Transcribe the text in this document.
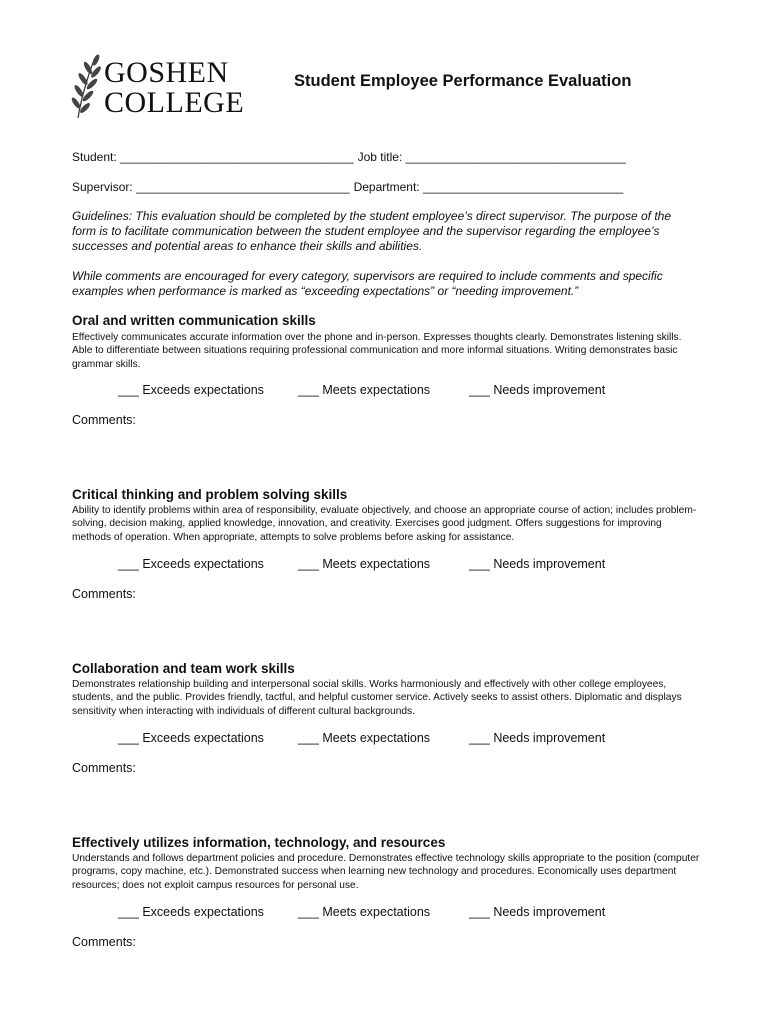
GOSHEN
COLLEGE
Student Employee Performance Evaluation
Student: ___________________________________ Job title: _________________________________
Supervisor: ________________________________ Department: ______________________________
Guidelines: This evaluation should be completed by the student employee’s direct supervisor. The purpose of the form is to facilitate communication between the student employee and the supervisor regarding the employee’s successes and potential areas to enhance their skills and abilities.
While comments are encouraged for every category, supervisors are required to include comments and specific examples when performance is marked as “exceeding expectations” or “needing improvement.”
Oral and written communication skills
Effectively communicates accurate information over the phone and in-person. Expresses thoughts clearly. Demonstrates listening skills. Able to differentiate between situations requiring professional communication and more informal situations. Writing demonstrates basic grammar skills.
___ Exceeds expectations	___ Meets expectations	___ Needs improvement
Comments:
Critical thinking and problem solving skills
Ability to identify problems within area of responsibility, evaluate objectively, and choose an appropriate course of action; includes problem-solving, decision making, applied knowledge, innovation, and creativity. Exercises good judgment. Offers suggestions for improving methods of operation. When appropriate, attempts to solve problems before asking for assistance.
___ Exceeds expectations	___ Meets expectations	___ Needs improvement
Comments:
Collaboration and team work skills
Demonstrates relationship building and interpersonal social skills. Works harmoniously and effectively with other college employees, students, and the public. Provides friendly, tactful, and helpful customer service. Actively seeks to assist others. Diplomatic and displays sensitivity when interacting with individuals of different cultural backgrounds.
___ Exceeds expectations	___ Meets expectations	___ Needs improvement
Comments:
Effectively utilizes information, technology, and resources
Understands and follows department policies and procedure. Demonstrates effective technology skills appropriate to the position (computer programs, copy machine, etc.). Demonstrated success when learning new technology and procedures. Economically uses department resources; does not exploit campus resources for personal use.
___ Exceeds expectations	___ Meets expectations	___ Needs improvement
Comments:
